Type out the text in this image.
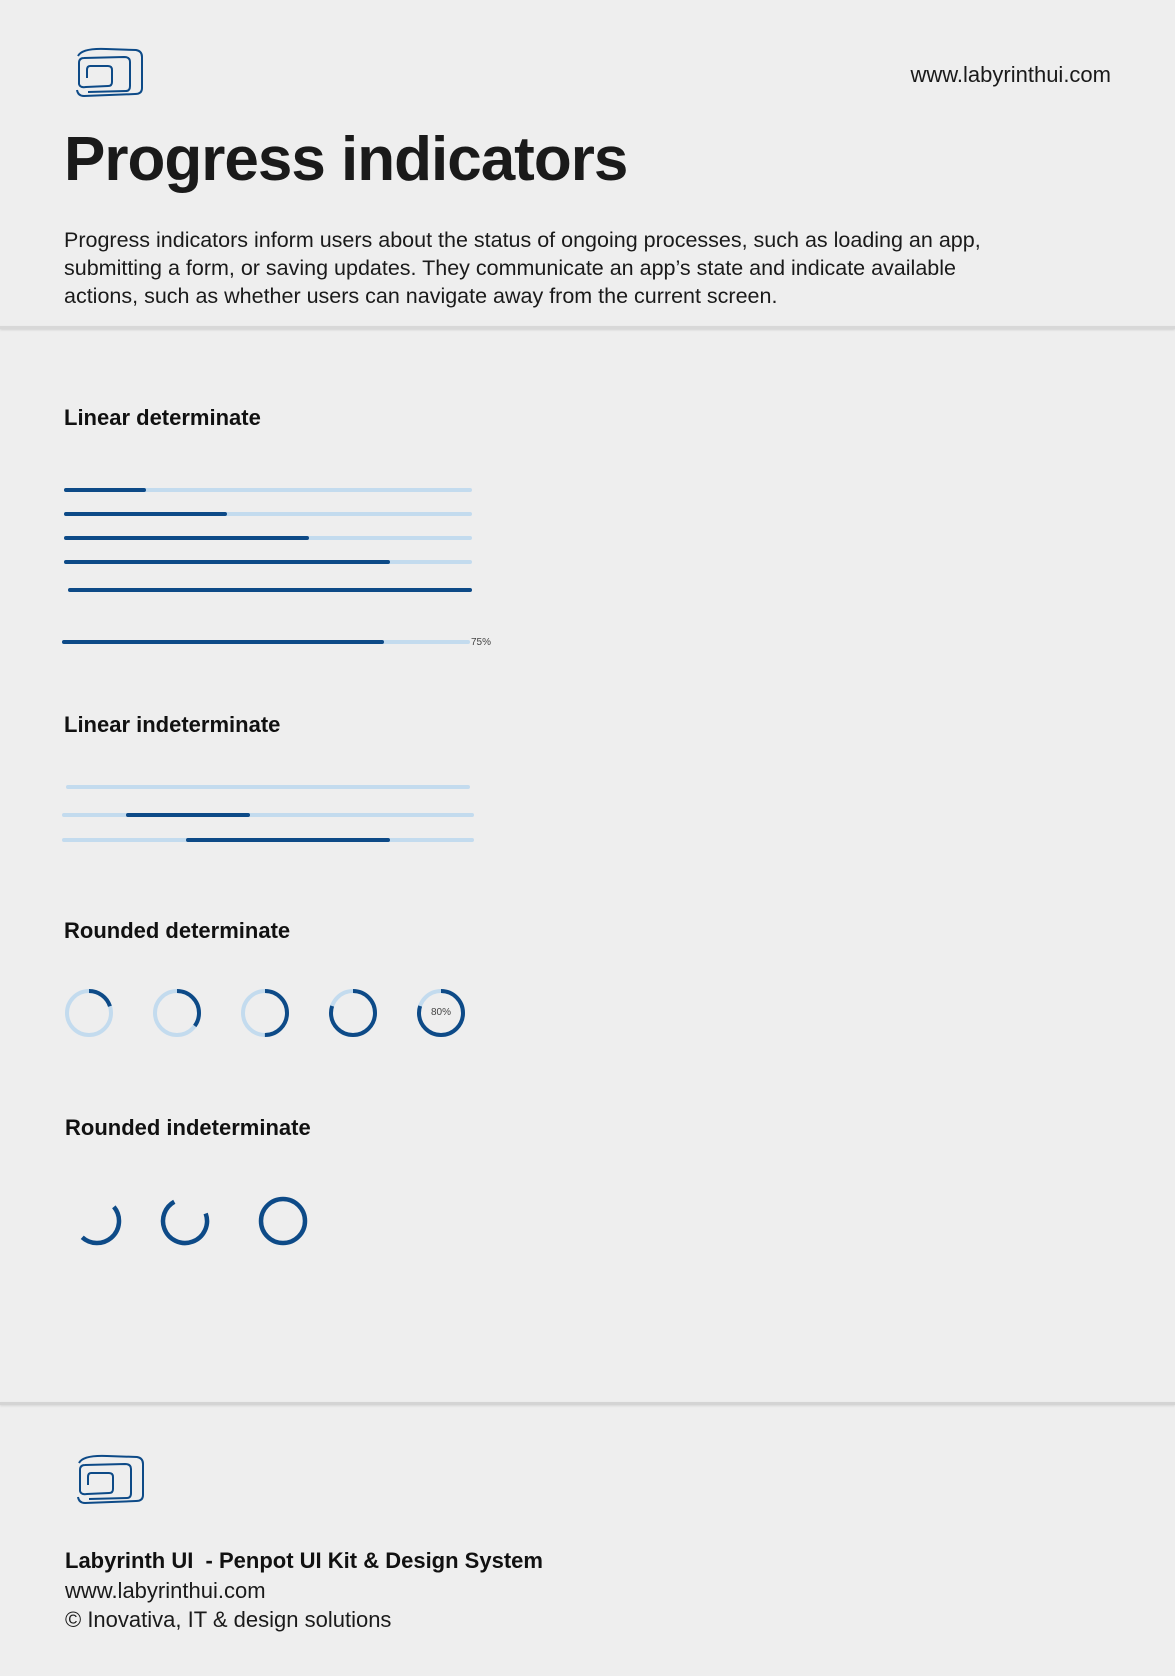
www.labyrinthui.com
Progress indicators

Progress indicators inform users about the status of ongoing processes, such as loading an app, submitting a form, or saving updates. They communicate an app’s state and indicate available actions, such as whether users can navigate away from the current screen.

Linear determinate
75%
Linear indeterminate
Rounded determinate
80%
Rounded indeterminate
Labyrinth UI  - Penpot UI Kit & Design System
www.labyrinthui.com
© Inovativa, IT & design solutions
